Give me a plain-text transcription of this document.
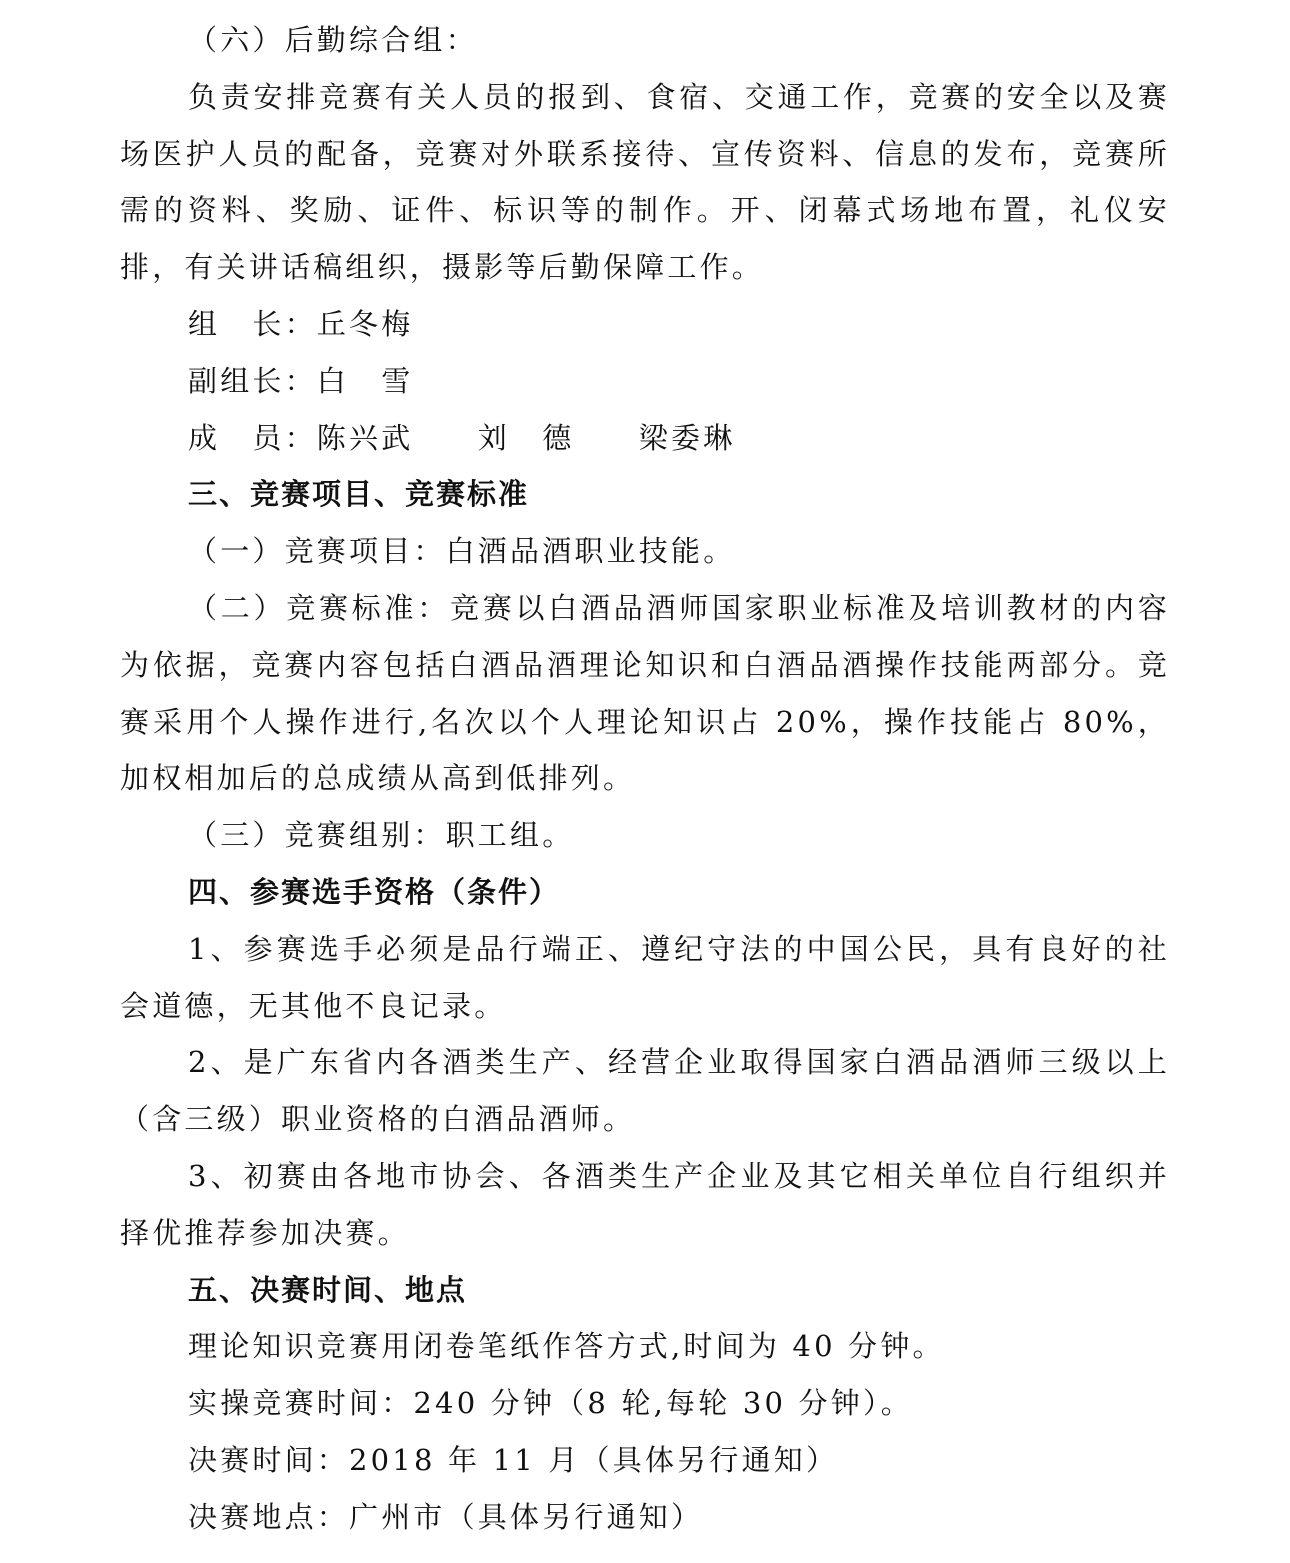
（六）后勤综合组：

负责安排竞赛有关人员的报到、食宿、交通工作，竞赛的安全以及赛场医护人员的配备，竞赛对外联系接待、宣传资料、信息的发布，竞赛所需的资料、奖励、证件、标识等的制作。开、闭幕式场地布置，礼仪安排，有关讲话稿组织，摄影等后勤保障工作。

组　长：丘冬梅

副组长：白　雪

成　员：陈兴武　　刘　德　　梁委琳

三、竞赛项目、竞赛标准

（一）竞赛项目：白酒品酒职业技能。

（二）竞赛标准：竞赛以白酒品酒师国家职业标准及培训教材的内容为依据，竞赛内容包括白酒品酒理论知识和白酒品酒操作技能两部分。竞赛采用个人操作进行,名次以个人理论知识占 20%，操作技能占 80%，加权相加后的总成绩从高到低排列。

（三）竞赛组别：职工组。

四、参赛选手资格（条件）

1、参赛选手必须是品行端正、遵纪守法的中国公民，具有良好的社会道德，无其他不良记录。

2、是广东省内各酒类生产、经营企业取得国家白酒品酒师三级以上（含三级）职业资格的白酒品酒师。

3、初赛由各地市协会、各酒类生产企业及其它相关单位自行组织并择优推荐参加决赛。

五、决赛时间、地点

理论知识竞赛用闭卷笔纸作答方式,时间为 40 分钟。

实操竞赛时间：240 分钟（8 轮,每轮 30 分钟）。

决赛时间：2018 年 11 月（具体另行通知）

决赛地点：广州市（具体另行通知）
